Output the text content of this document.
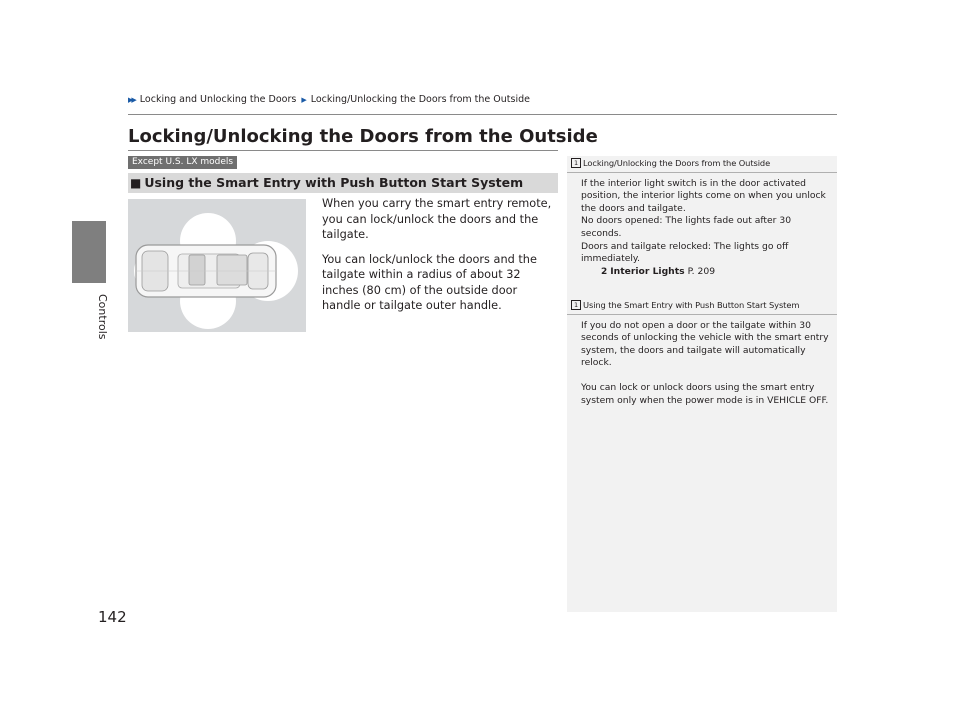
▶▶ Locking and Unlocking the Doors ▶ Locking/Unlocking the Doors from the Outside
Controls
142
Locking/Unlocking the Doors from the Outside
Except U.S. LX models
■ Using the Smart Entry with Push Button Start System

When you carry the smart entry remote, you can lock/unlock the doors and the tailgate.

You can lock/unlock the doors and the tailgate within a radius of about 32 inches (80 cm) of the outside door handle or tailgate outer handle.

1 Locking/Unlocking the Doors from the Outside
If the interior light switch is in the door activated position, the interior lights come on when you unlock the doors and tailgate.
No doors opened: The lights fade out after 30 seconds.
Doors and tailgate relocked: The lights go off immediately.
2 Interior Lights P. 209
1 Using the Smart Entry with Push Button Start System

If you do not open a door or the tailgate within 30 seconds of unlocking the vehicle with the smart entry system, the doors and tailgate will automatically relock.

You can lock or unlock doors using the smart entry system only when the power mode is in VEHICLE OFF.
